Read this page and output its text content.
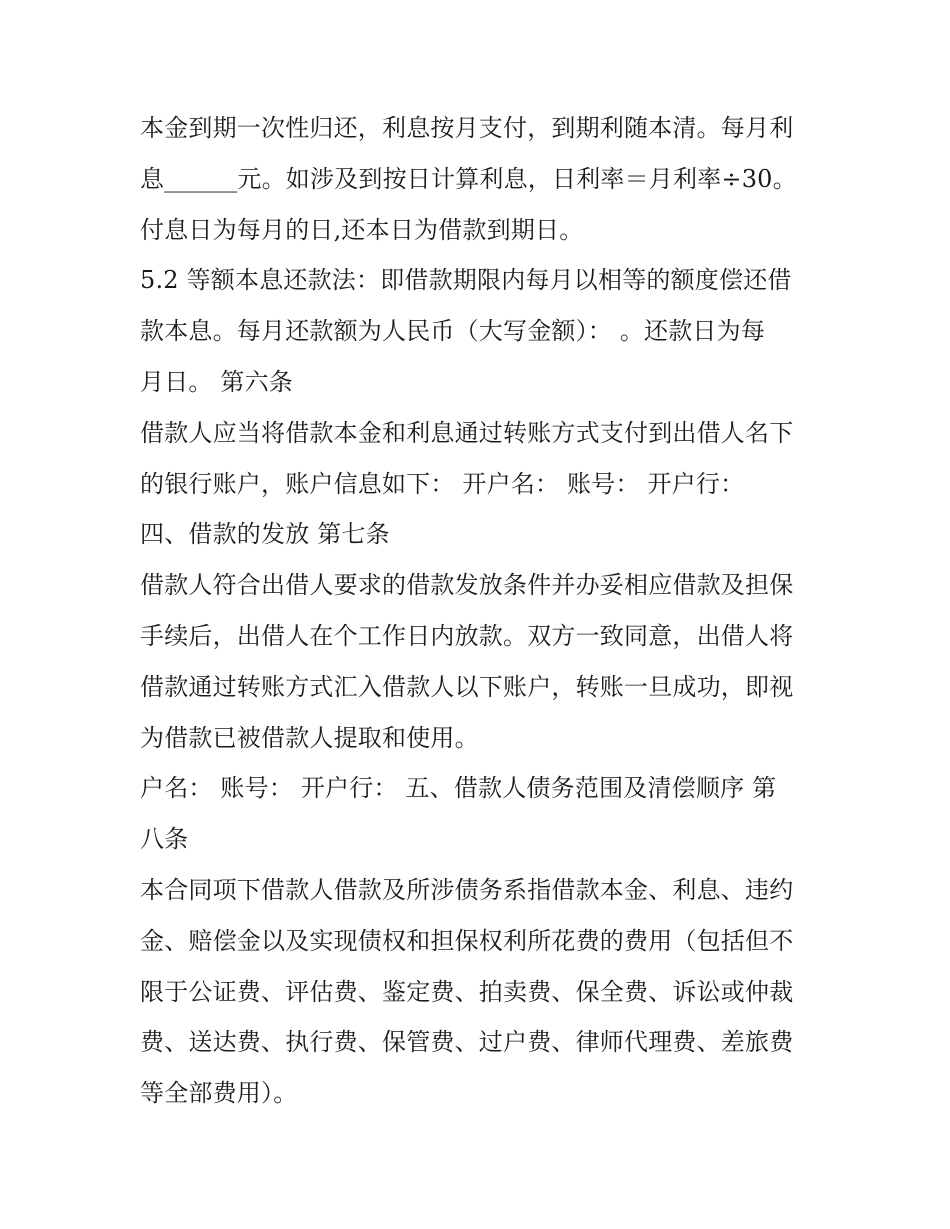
本金到期一次性归还，利息按月支付，到期利随本清。每月利
息______元。如涉及到按日计算利息，日利率＝月利率÷30。
付息日为每月的日,还本日为借款到期日。
5.2 等额本息还款法：即借款期限内每月以相等的额度偿还借
款本息。每月还款额为人民币（大写金额）： 。还款日为每
月日。 第六条
借款人应当将借款本金和利息通过转账方式支付到出借人名下
的银行账户，账户信息如下： 开户名： 账号： 开户行：
四、借款的发放 第七条
借款人符合出借人要求的借款发放条件并办妥相应借款及担保
手续后，出借人在个工作日内放款。双方一致同意，出借人将
借款通过转账方式汇入借款人以下账户，转账一旦成功，即视
为借款已被借款人提取和使用。
户名： 账号： 开户行： 五、借款人债务范围及清偿顺序 第
八条
本合同项下借款人借款及所涉债务系指借款本金、利息、违约
金、赔偿金以及实现债权和担保权利所花费的费用（包括但不
限于公证费、评估费、鉴定费、拍卖费、保全费、诉讼或仲裁
费、送达费、执行费、保管费、过户费、律师代理费、差旅费
等全部费用）。
